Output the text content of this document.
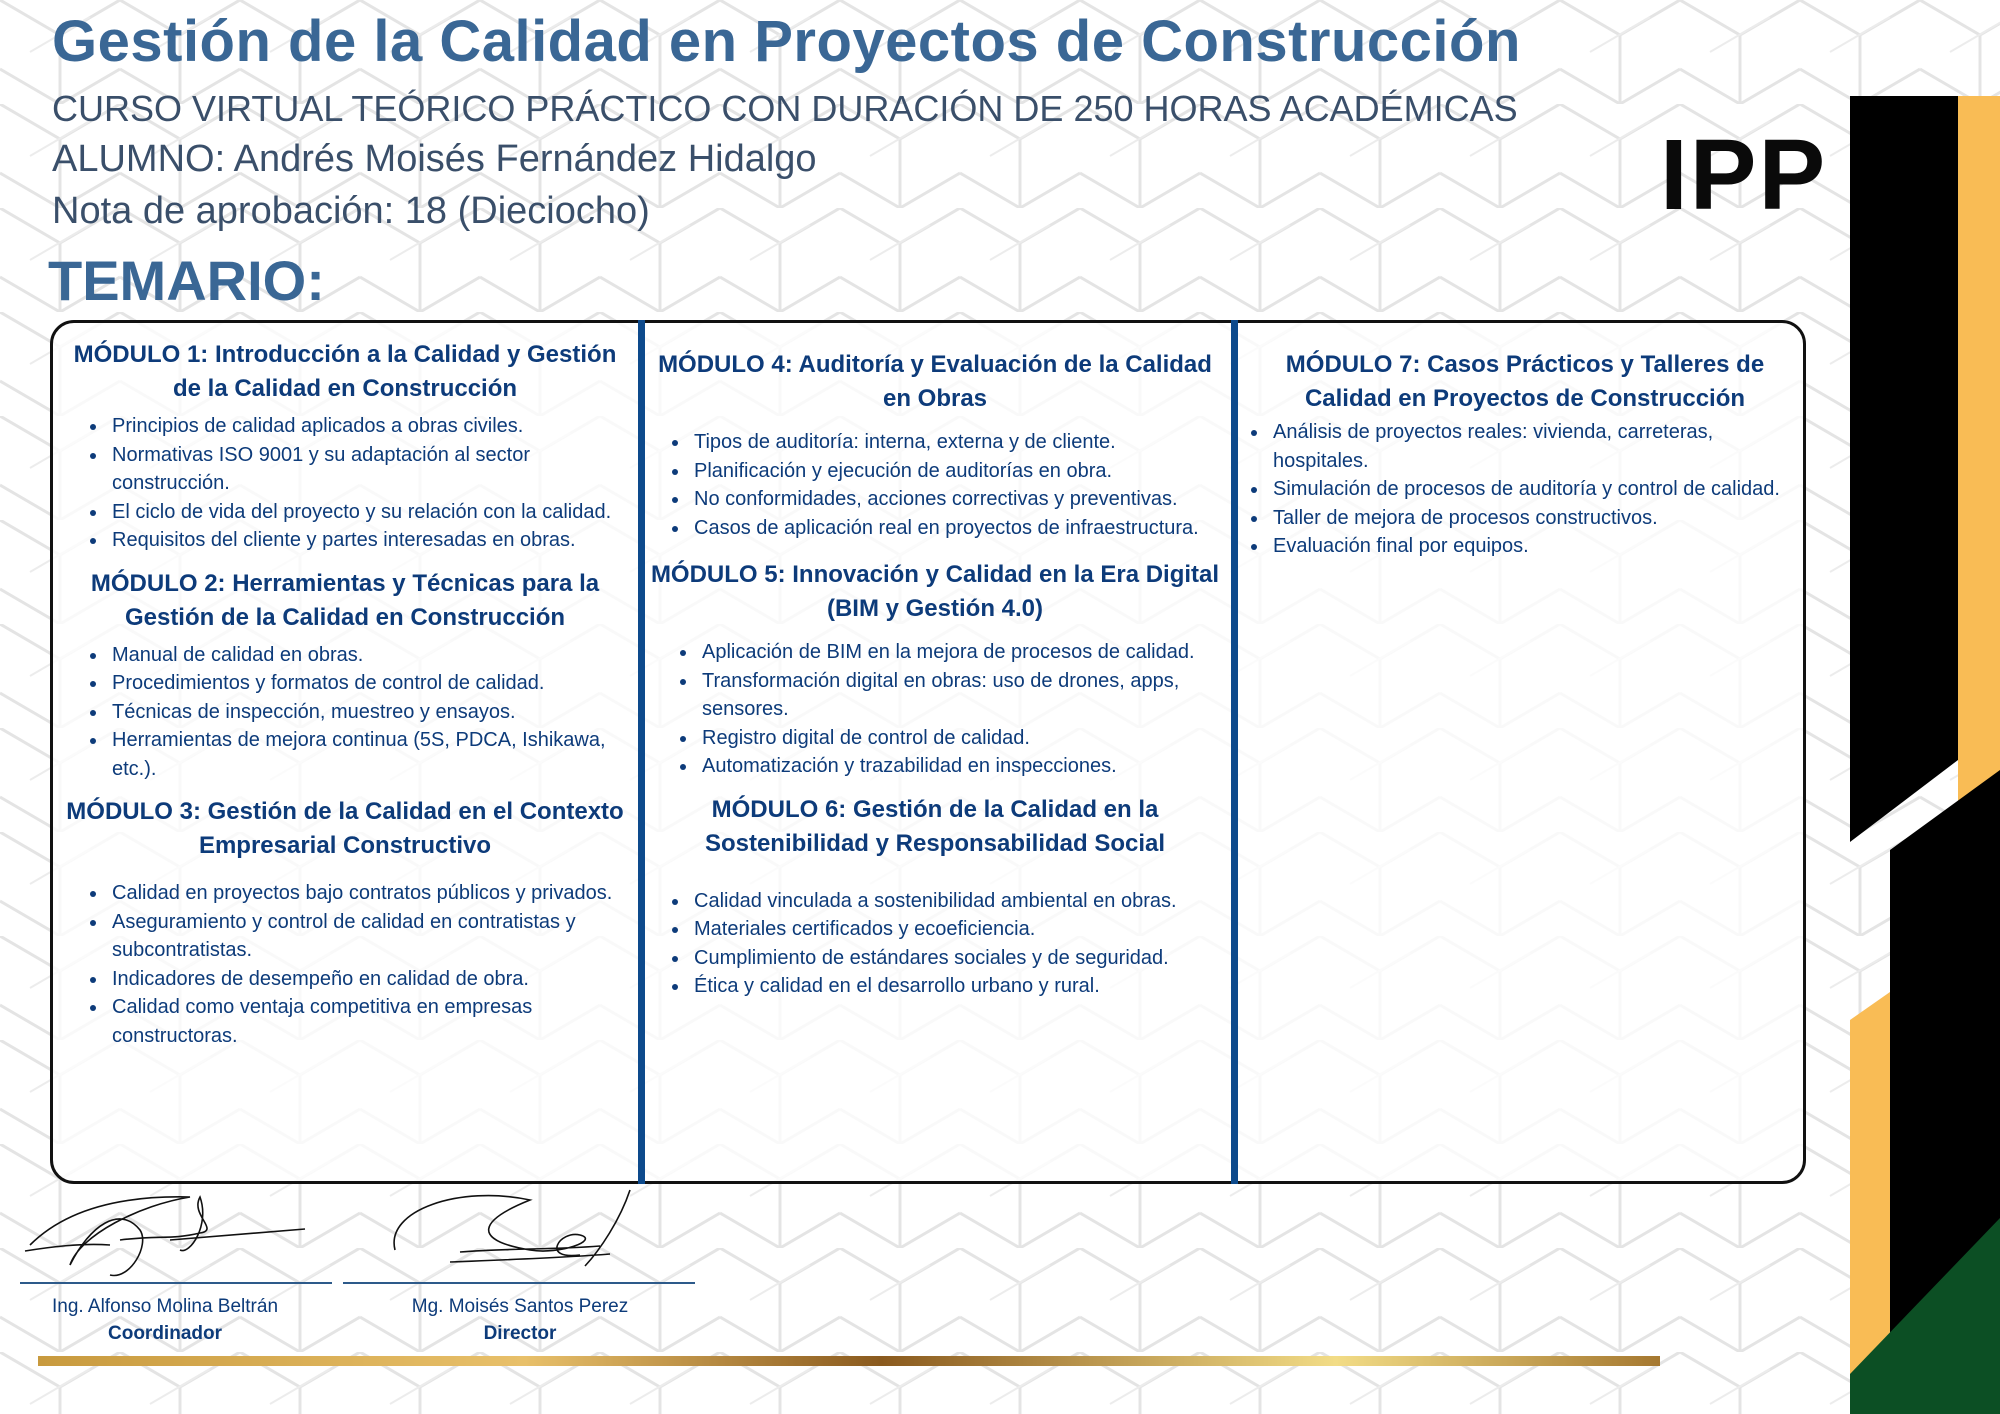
Gestión de la Calidad en Proyectos de Construcción
CURSO VIRTUAL TEÓRICO PRÁCTICO CON DURACIÓN DE 250 HORAS ACADÉMICAS
ALUMNO: Andrés Moisés Fernández Hidalgo
Nota de aprobación: 18 (Dieciocho)	IPP
TEMARIO:
MÓDULO 1: Introducción a la Calidad y Gestión de la Calidad en Construcción
• Principios de calidad aplicados a obras civiles.
• Normativas ISO 9001 y su adaptación al sector construcción.
• El ciclo de vida del proyecto y su relación con la calidad.
• Requisitos del cliente y partes interesadas en obras.
MÓDULO 2: Herramientas y Técnicas para la Gestión de la Calidad en Construcción
• Manual de calidad en obras.
• Procedimientos y formatos de control de calidad.
• Técnicas de inspección, muestreo y ensayos.
• Herramientas de mejora continua (5S, PDCA, Ishikawa, etc.).
MÓDULO 3: Gestión de la Calidad en el Contexto Empresarial Constructivo
• Calidad en proyectos bajo contratos públicos y privados.
• Aseguramiento y control de calidad en contratistas y subcontratistas.
• Indicadores de desempeño en calidad de obra.
• Calidad como ventaja competitiva en empresas constructoras.
MÓDULO 4: Auditoría y Evaluación de la Calidad en Obras
• Tipos de auditoría: interna, externa y de cliente.
• Planificación y ejecución de auditorías en obra.
• No conformidades, acciones correctivas y preventivas.
• Casos de aplicación real en proyectos de infraestructura.
MÓDULO 5: Innovación y Calidad en la Era Digital (BIM y Gestión 4.0)
• Aplicación de BIM en la mejora de procesos de calidad.
• Transformación digital en obras: uso de drones, apps, sensores.
• Registro digital de control de calidad.
• Automatización y trazabilidad en inspecciones.
MÓDULO 6: Gestión de la Calidad en la Sostenibilidad y Responsabilidad Social
• Calidad vinculada a sostenibilidad ambiental en obras.
• Materiales certificados y ecoeficiencia.
• Cumplimiento de estándares sociales y de seguridad.
• Ética y calidad en el desarrollo urbano y rural.
MÓDULO 7: Casos Prácticos y Talleres de Calidad en Proyectos de Construcción
• Análisis de proyectos reales: vivienda, carreteras, hospitales.
• Simulación de procesos de auditoría y control de calidad.
• Taller de mejora de procesos constructivos.
• Evaluación final por equipos.
Ing. Alfonso Molina Beltrán
Coordinador
Mg. Moisés Santos Perez
Director
